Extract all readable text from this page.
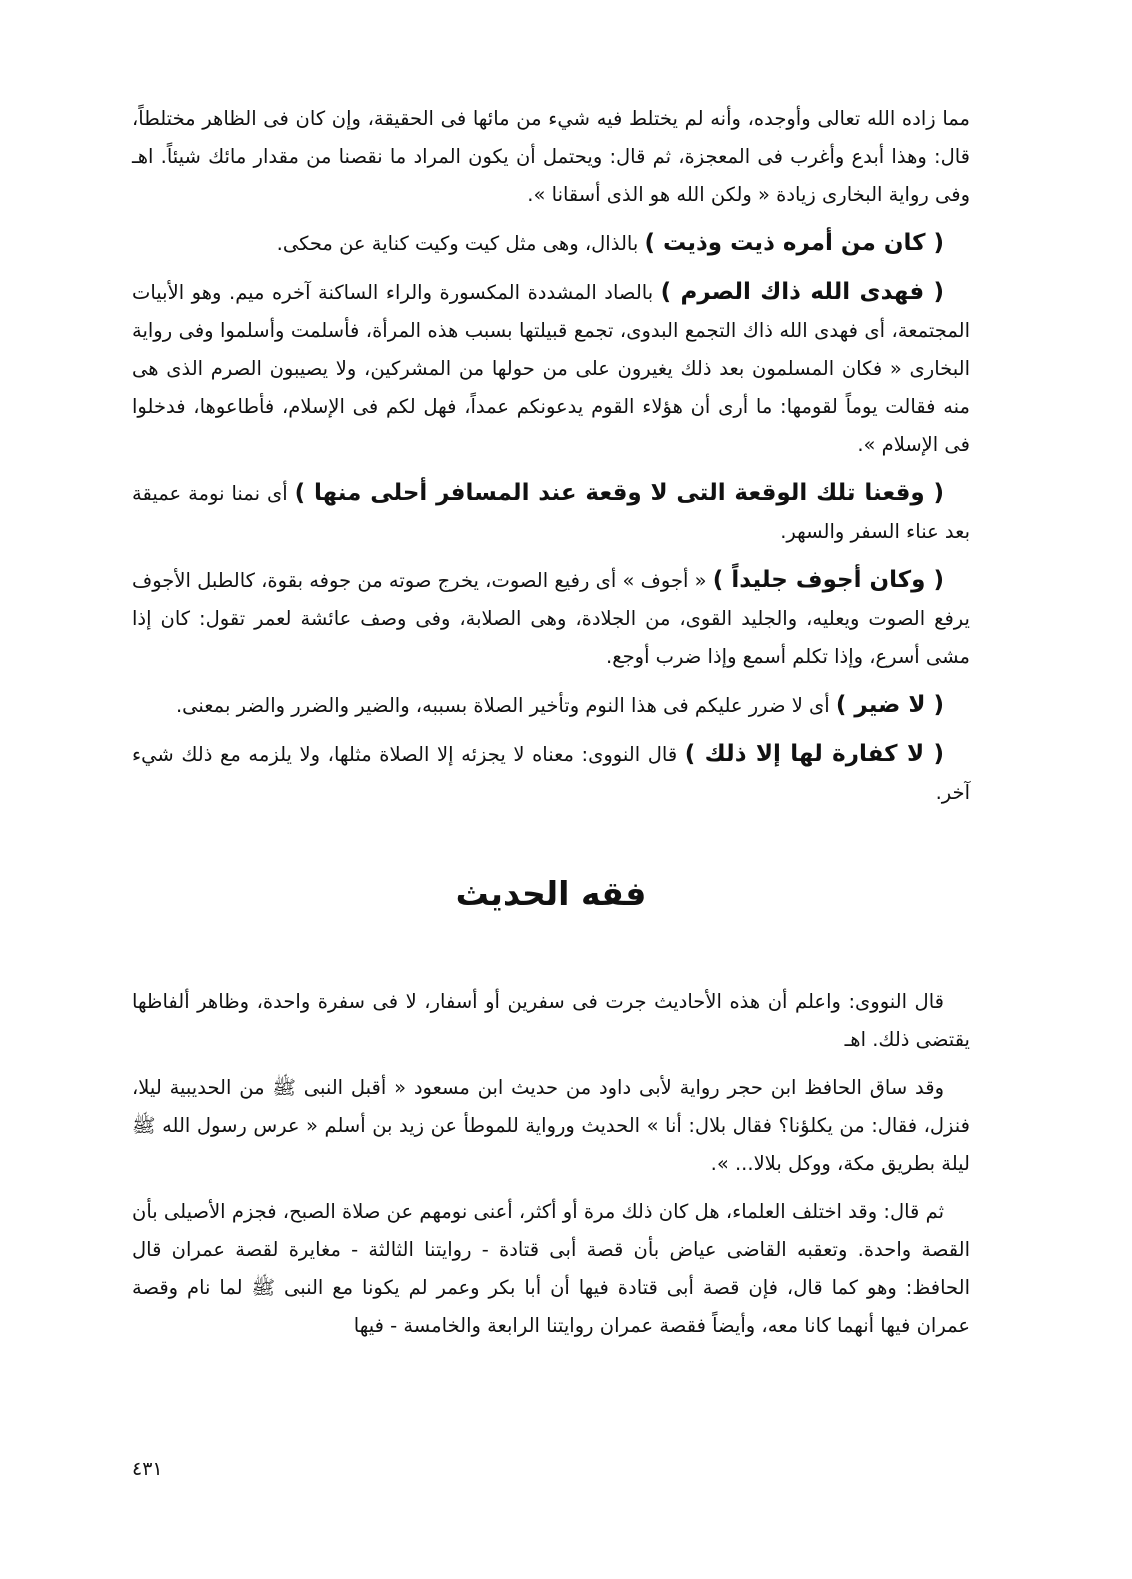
مما زاده الله تعالى وأوجده، وأنه لم يختلط فيه شيء من مائها فى الحقيقة، وإن كان فى الظاهر مختلطاً، قال: وهذا أبدع وأغرب فى المعجزة، ثم قال: ويحتمل أن يكون المراد ما نقصنا من مقدار مائك شيئاً. اهـ وفى رواية البخارى زيادة « ولكن الله هو الذى أسقانا ».

( كان من أمره ذيت وذيت ) بالذال، وهى مثل كيت وكيت كناية عن محكى.

( فهدى الله ذاك الصرم ) بالصاد المشددة المكسورة والراء الساكنة آخره ميم. وهو الأبيات المجتمعة، أى فهدى الله ذاك التجمع البدوى، تجمع قبيلتها بسبب هذه المرأة، فأسلمت وأسلموا وفى رواية البخارى « فكان المسلمون بعد ذلك يغيرون على من حولها من المشركين، ولا يصيبون الصرم الذى هى منه فقالت يوماً لقومها: ما أرى أن هؤلاء القوم يدعونكم عمداً، فهل لكم فى الإسلام، فأطاعوها، فدخلوا فى الإسلام ».

( وقعنا تلك الوقعة التى لا وقعة عند المسافر أحلى منها ) أى نمنا نومة عميقة بعد عناء السفر والسهر.

( وكان أجوف جليداً ) « أجوف » أى رفيع الصوت، يخرج صوته من جوفه بقوة، كالطبل الأجوف يرفع الصوت ويعليه، والجليد القوى، من الجلادة، وهى الصلابة، وفى وصف عائشة لعمر تقول: كان إذا مشى أسرع، وإذا تكلم أسمع وإذا ضرب أوجع.

( لا ضير ) أى لا ضرر عليكم فى هذا النوم وتأخير الصلاة بسببه، والضير والضرر والضر بمعنى.

( لا كفارة لها إلا ذلك ) قال النووى: معناه لا يجزئه إلا الصلاة مثلها، ولا يلزمه مع ذلك شيء آخر.

فقه الحديث

قال النووى: واعلم أن هذه الأحاديث جرت فى سفرين أو أسفار، لا فى سفرة واحدة، وظاهر ألفاظها يقتضى ذلك. اهـ

وقد ساق الحافظ ابن حجر رواية لأبى داود من حديث ابن مسعود « أقبل النبى ﷺ من الحديبية ليلا، فنزل، فقال: من يكلؤنا؟ فقال بلال: أنا » الحديث ورواية للموطأ عن زيد بن أسلم « عرس رسول الله ﷺ ليلة بطريق مكة، ووكل بلالا... ».

ثم قال: وقد اختلف العلماء، هل كان ذلك مرة أو أكثر، أعنى نومهم عن صلاة الصبح، فجزم الأصيلى بأن القصة واحدة. وتعقبه القاضى عياض بأن قصة أبى قتادة - روايتنا الثالثة - مغايرة لقصة عمران قال الحافظ: وهو كما قال، فإن قصة أبى قتادة فيها أن أبا بكر وعمر لم يكونا مع النبى ﷺ لما نام وقصة عمران فيها أنهما كانا معه، وأيضاً فقصة عمران روايتنا الرابعة والخامسة - فيها

٤٣١
